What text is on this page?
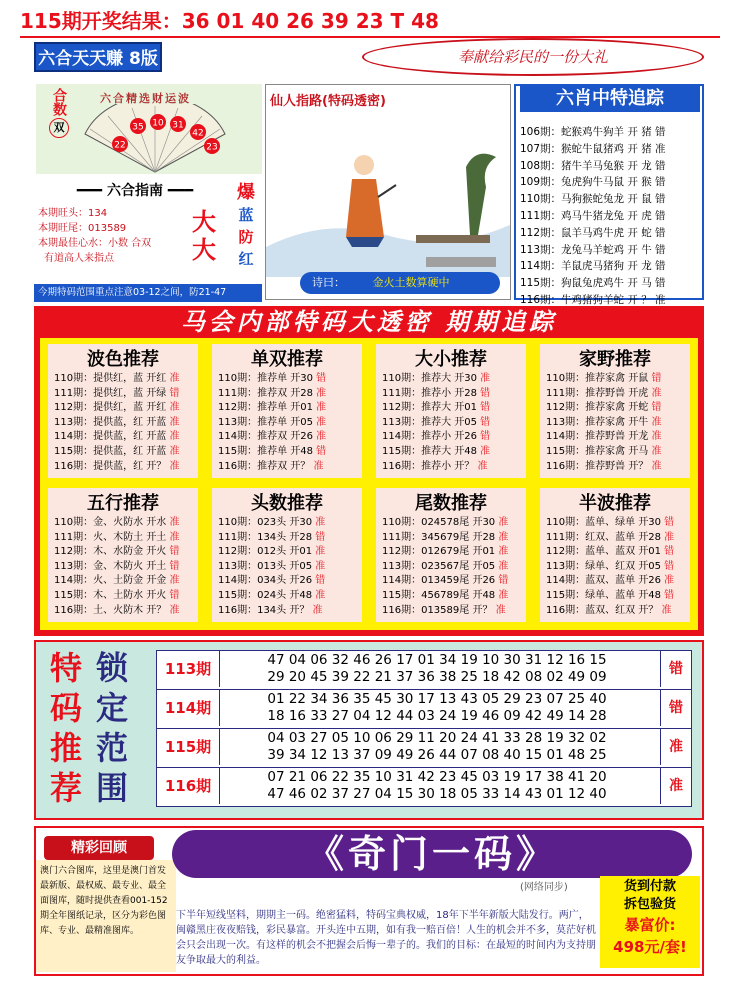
115期开奖结果：36 01 40 26 39 23 T 48
六合天天赚 8版	奉献给彩民的一份大礼
合数
双
六合精选财运波
22
35 10 31
42
23
━━━ 六合指南 ━━━
本期旺头：134
本期旺尾：013589
本期最佳心水：小数 合双
有道高人来指点
大大
爆
蓝
防
红
今期特码范围重点注意03-12之间，防21-47
仙人指路(特码透密)
诗曰：	金火土数算硬中
六肖中特追踪
106期：蛇猴鸡牛狗羊 开 猪 错
107期：猴蛇牛鼠猪鸡 开 猪 准
108期：猪牛羊马兔猴 开 龙 错
109期：兔虎狗牛马鼠 开 猴 错
110期：马狗猴蛇兔龙 开 鼠 错
111期：鸡马牛猪龙兔 开 虎 错
112期：鼠羊马鸡牛虎 开 蛇 错
113期：龙兔马羊蛇鸡 开 牛 错
114期：羊鼠虎马猪狗 开 龙 错
115期：狗鼠兔虎鸡牛 开 马 错
116期：牛鸡猪狗羊蛇 开 ？ 准
马会内部特码大透密 期期追踪
波色推荐
110期：提供红，蓝 开红 准
111期：提供红，蓝 开绿 错
112期：提供红，蓝 开红 准
113期：提供蓝，红 开蓝 准
114期：提供蓝，红 开蓝 准
115期：提供蓝，红 开蓝 准
116期：提供蓝，红 开？ 准
单双推荐
110期：推荐单 开30 错
111期：推荐双 开28 准
112期：推荐单 开01 准
113期：推荐单 开05 准
114期：推荐双 开26 准
115期：推荐单 开48 错
116期：推荐双 开？ 准
大小推荐
110期：推荐大 开30 准
111期：推荐小 开28 错
112期：推荐大 开01 错
113期：推荐大 开05 错
114期：推荐小 开26 错
115期：推荐大 开48 准
116期：推荐小 开？ 准
家野推荐
110期：推荐家禽 开鼠 错
111期：推荐野兽 开虎 准
112期：推荐家禽 开蛇 错
113期：推荐家禽 开牛 准
114期：推荐野兽 开龙 准
115期：推荐家禽 开马 准
116期：推荐野兽 开？ 准
五行推荐
110期：金、火防水 开水 准
111期：火、木防土 开土 准
112期：木、水防金 开火 错
113期：金、木防火 开土 错
114期：火、土防金 开金 准
115期：木、土防水 开火 错
116期：土、火防木 开？ 准
头数推荐
110期：023头 开30 准
111期：134头 开28 错
112期：012头 开01 准
113期：013头 开05 准
114期：034头 开26 错
115期：024头 开48 准
116期：134头 开？ 准
尾数推荐
110期：024578尾 开30 准
111期：345679尾 开28 准
112期：012679尾 开01 准
113期：023567尾 开05 准
114期：013459尾 开26 错
115期：456789尾 开48 准
116期：013589尾 开？ 准
半波推荐
110期：蓝单、绿单 开30 错
111期：红双、蓝单 开28 准
112期：蓝单、蓝双 开01 错
113期：绿单、红双 开05 错
114期：蓝双、蓝单 开26 准
115期：绿单、蓝单 开48 错
116期：蓝双、红双 开？ 准
特
码
推
荐
锁
定
范
围
113期	47 04 06 32 46 26 17 01 34 19 10 30 31 12 16 15
29 20 45 39 22 21 37 36 38 25 18 42 08 02 49 09	错
114期	01 22 34 36 35 45 30 17 13 43 05 29 23 07 25 40
18 16 33 27 04 12 44 03 24 19 46 09 42 49 14 28	错
115期	04 03 27 05 10 06 29 11 20 24 41 33 28 19 32 02
39 34 12 13 37 09 49 26 44 07 08 40 15 01 48 25	准
116期	07 21 06 22 35 10 31 42 23 45 03 19 17 38 41 20
47 46 02 37 27 04 15 30 18 05 33 14 43 01 12 40	准
澳门六合图库，这里是澳门首发最新版、最权威、最专业、最全面图库，随时提供查看001-152期全年图纸记录，区分为彩色图库、专业、最精准图库。
精彩回顾	《奇门一码》
(网络同步)	货到付款
拆包验货
暴富价:
498元/套!
下半年短线坚料，期期主一码。绝密猛料，特码宝典权威，18年下半年新版大陆发行。两广，闽赣黑庄夜夜赔钱，彩民暴富。开头连中五期，如有我一赔百倍！人生的机会并不多，莫茫好机会只会出现一次。有这样的机会不把握会后悔一辈子的。我们的目标：在最短的时间内为支持朋友争取最大的利益。
